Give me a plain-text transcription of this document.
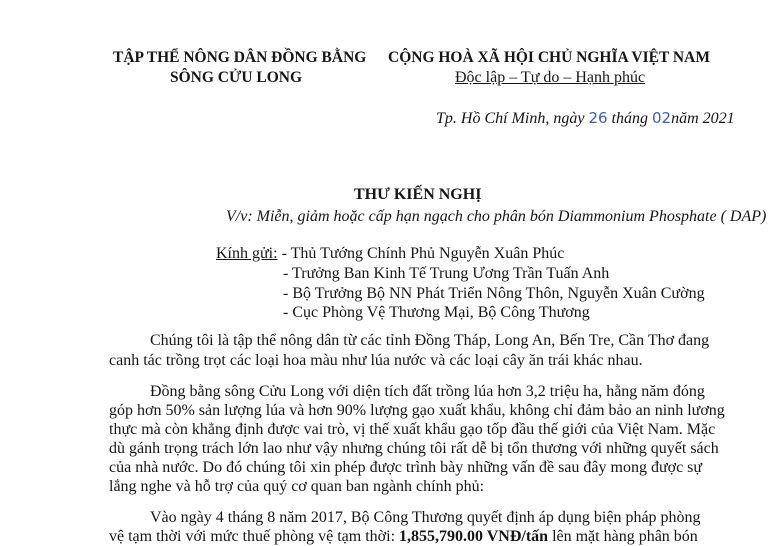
TẬP THỂ NÔNG DÂN ĐỒNG BẰNG
SÔNG CỬU LONG
CỘNG HOÀ XÃ HỘI CHỦ NGHĨA VIỆT NAM
Độc lập – Tự do – Hạnh phúc
Tp. Hồ Chí Minh, ngày 26 tháng 02năm 2021
THƯ KIẾN NGHỊ
V/v: Miễn, giảm hoặc cấp hạn ngạch cho phân bón Diammonium Phosphate ( DAP)
Kính gửi: - Thủ Tướng Chính Phủ Nguyễn Xuân Phúc
- Trưởng Ban Kinh Tế Trung Ương Trần Tuấn Anh
- Bộ Trưởng Bộ NN Phát Triển Nông Thôn, Nguyễn Xuân Cường
- Cục Phòng Vệ Thương Mại, Bộ Công Thương
Chúng tôi là tập thể nông dân từ các tỉnh Đồng Tháp, Long An, Bến Tre, Cần Thơ đang
canh tác trồng trọt các loại hoa màu như lúa nước và các loại cây ăn trái khác nhau.
Đồng bằng sông Cửu Long với diện tích đất trồng lúa hơn 3,2 triệu ha, hằng năm đóng
góp hơn 50% sản lượng lúa và hơn 90% lượng gạo xuất khẩu, không chỉ đảm bảo an ninh lương
thực mà còn khẳng định được vai trò, vị thế xuất khẩu gạo tốp đầu thế giới của Việt Nam. Mặc
dù gánh trọng trách lớn lao như vậy nhưng chúng tôi rất dễ bị tổn thương với những quyết sách
của nhà nước. Do đó chúng tôi xin phép được trình bày những vấn đề sau đây mong được sự
lắng nghe và hỗ trợ của quý cơ quan ban ngành chính phủ:
Vào ngày 4 tháng 8 năm 2017, Bộ Công Thương quyết định áp dụng biện pháp phòng
vệ tạm thời với mức thuế phòng vệ tạm thời: 1,855,790.00 VNĐ/tấn lên mặt hàng phân bón
